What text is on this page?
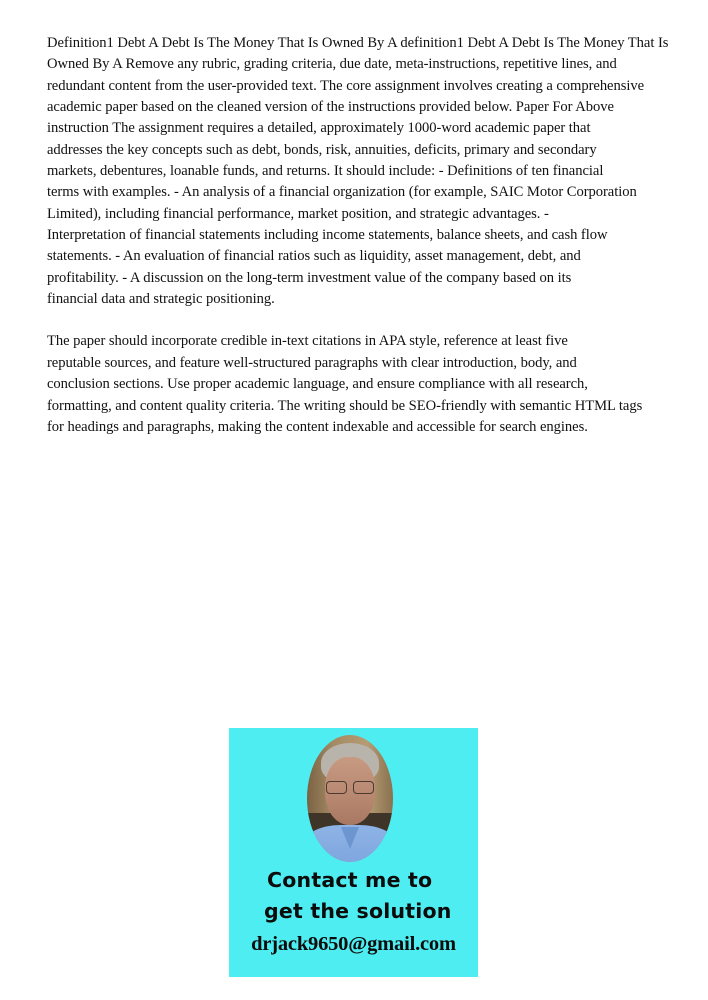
Definition1 Debt A Debt Is The Money That Is Owned By A definition1 Debt A Debt Is The Money That Is
Owned By A Remove any rubric, grading criteria, due date, meta-instructions, repetitive lines, and
redundant content from the user-provided text. The core assignment involves creating a comprehensive
academic paper based on the cleaned version of the instructions provided below. Paper For Above
instruction The assignment requires a detailed, approximately 1000-word academic paper that
addresses the key concepts such as debt, bonds, risk, annuities, deficits, primary and secondary
markets, debentures, loanable funds, and returns. It should include: - Definitions of ten financial
terms with examples. - An analysis of a financial organization (for example, SAIC Motor Corporation
Limited), including financial performance, market position, and strategic advantages. -
Interpretation of financial statements including income statements, balance sheets, and cash flow
statements. - An evaluation of financial ratios such as liquidity, asset management, debt, and
profitability. - A discussion on the long-term investment value of the company based on its
financial data and strategic positioning.

The paper should incorporate credible in-text citations in APA style, reference at least five
reputable sources, and feature well-structured paragraphs with clear introduction, body, and
conclusion sections. Use proper academic language, and ensure compliance with all research,
formatting, and content quality criteria. The writing should be SEO-friendly with semantic HTML tags
for headings and paragraphs, making the content indexable and accessible for search engines.

Contact me to
get the solution
drjack9650@gmail.com
